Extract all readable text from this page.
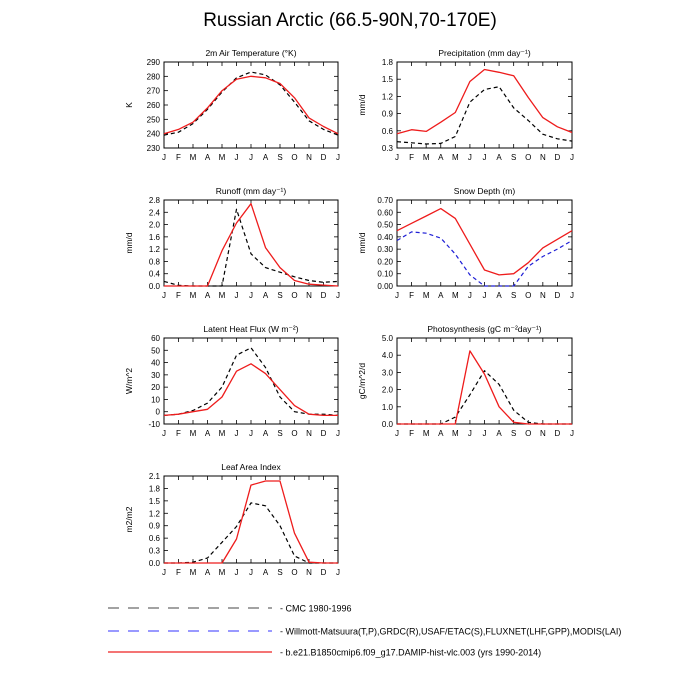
Russian Arctic (66.5-90N,70-170E)
2m Air Temperature (°K)
230
240
250
260
270
280
290
J F M A M J J A S O N D J
K
Precipitation (mm day⁻¹)
0.3
0.6
0.9
1.2
1.5
1.8
J F M A M J J A S O N D J
mm/d
Runoff (mm day⁻¹)
0.0
0.4
0.8
1.2
1.6
2.0
2.4
2.8
J F M A M J J A S O N D J
mm/d
Snow Depth (m)
0.00
0.10
0.20
0.30
0.40
0.50
0.60
0.70
J F M A M J J A S O N D J
mm/d
Latent Heat Flux (W m⁻²)
-10
0
10
20
30
40
50
60
J F M A M J J A S O N D J
W/m^2
Photosynthesis (gC m⁻²day⁻¹)
0.0
1.0
2.0
3.0
4.0
5.0
J F M A M J J A S O N D J
gC/m^2/d
Leaf Area Index
0.0
0.3
0.6
0.9
1.2
1.5
1.8
2.1
J F M A M J J A S O N D J
m2/m2
- CMC 1980-1996
- Willmott-Matsuura(T,P),GRDC(R),USAF/ETAC(S),FLUXNET(LHF,GPP),MODIS(LAI)
- b.e21.B1850cmip6.f09_g17.DAMIP-hist-vlc.003 (yrs 1990-2014)
